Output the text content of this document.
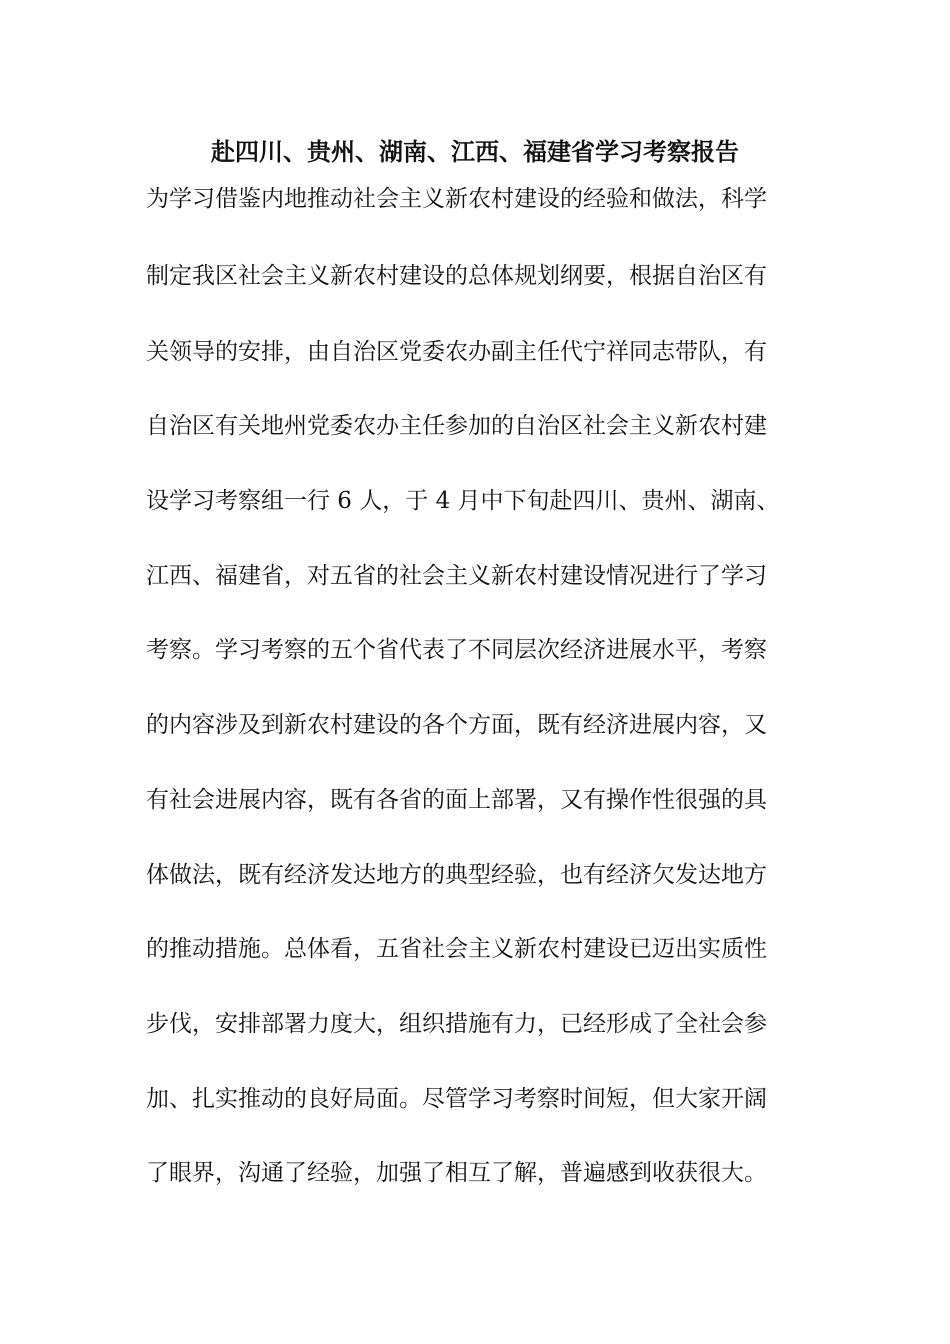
赴四川、贵州、湖南、江西、福建省学习考察报告
为学习借鉴内地推动社会主义新农村建设的经验和做法，科学
制定我区社会主义新农村建设的总体规划纲要，根据自治区有
关领导的安排，由自治区党委农办副主任代宁祥同志带队，有
自治区有关地州党委农办主任参加的自治区社会主义新农村建
设学习考察组一行 6 人，于 4 月中下旬赴四川、贵州、湖南、
江西、福建省，对五省的社会主义新农村建设情况进行了学习
考察。学习考察的五个省代表了不同层次经济进展水平，考察
的内容涉及到新农村建设的各个方面，既有经济进展内容，又
有社会进展内容，既有各省的面上部署，又有操作性很强的具
体做法，既有经济发达地方的典型经验，也有经济欠发达地方
的推动措施。总体看，五省社会主义新农村建设已迈出实质性
步伐，安排部署力度大，组织措施有力，已经形成了全社会参
加、扎实推动的良好局面。尽管学习考察时间短，但大家开阔
了眼界，沟通了经验，加强了相互了解，普遍感到收获很大。
